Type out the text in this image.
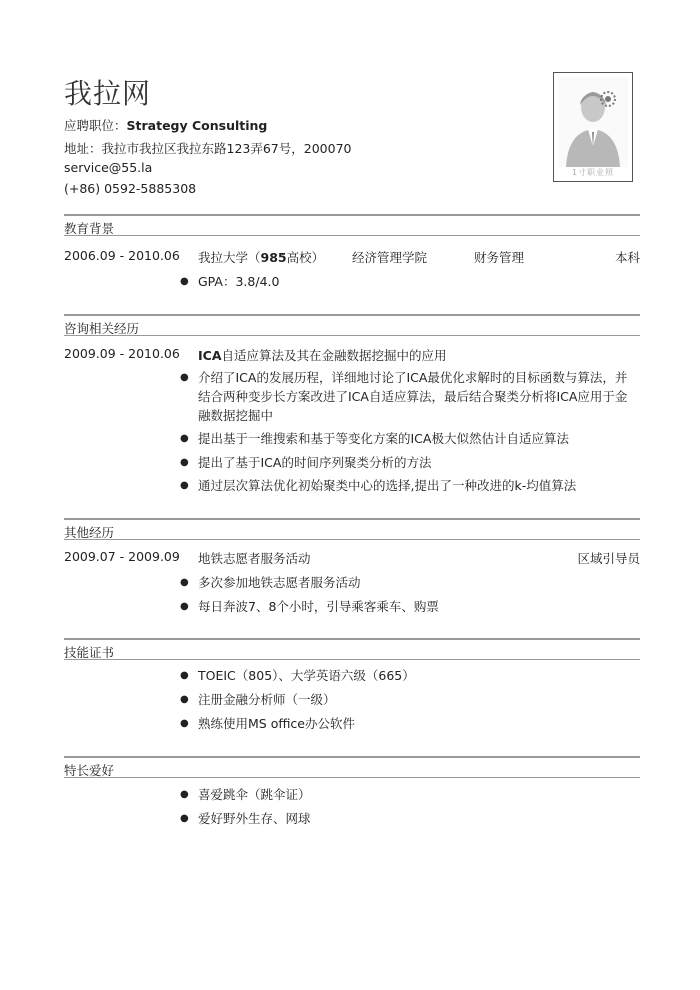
我拉网
应聘职位：Strategy Consulting
地址：我拉市我拉区我拉东路123弄67号，200070
service@55.la
(+86) 0592-5885308
1寸职业照
教育背景
2006.09 - 2010.06 我拉大学（985高校） 经济管理学院	财务管理	本科
● GPA：3.8/4.0
咨询相关经历
2009.09 - 2010.06 ICA自适应算法及其在金融数据挖掘中的应用
● 介绍了ICA的发展历程，详细地讨论了ICA最优化求解时的目标函数与算法，并结合两种变步长方案改进了ICA自适应算法，最后结合聚类分析将ICA应用于金融数据挖掘中
● 提出基于一维搜索和基于等变化方案的ICA极大似然估计自适应算法
● 提出了基于ICA的时间序列聚类分析的方法
● 通过层次算法优化初始聚类中心的选择,提出了一种改进的k-均值算法
其他经历
2009.07 - 2009.09 地铁志愿者服务活动	区域引导员
● 多次参加地铁志愿者服务活动
● 每日奔波7、8个小时，引导乘客乘车、购票
技能证书
● TOEIC（805）、大学英语六级（665）
● 注册金融分析师（一级）
● 熟练使用MS office办公软件
特长爱好
● 喜爱跳伞（跳伞证）
● 爱好野外生存、网球
